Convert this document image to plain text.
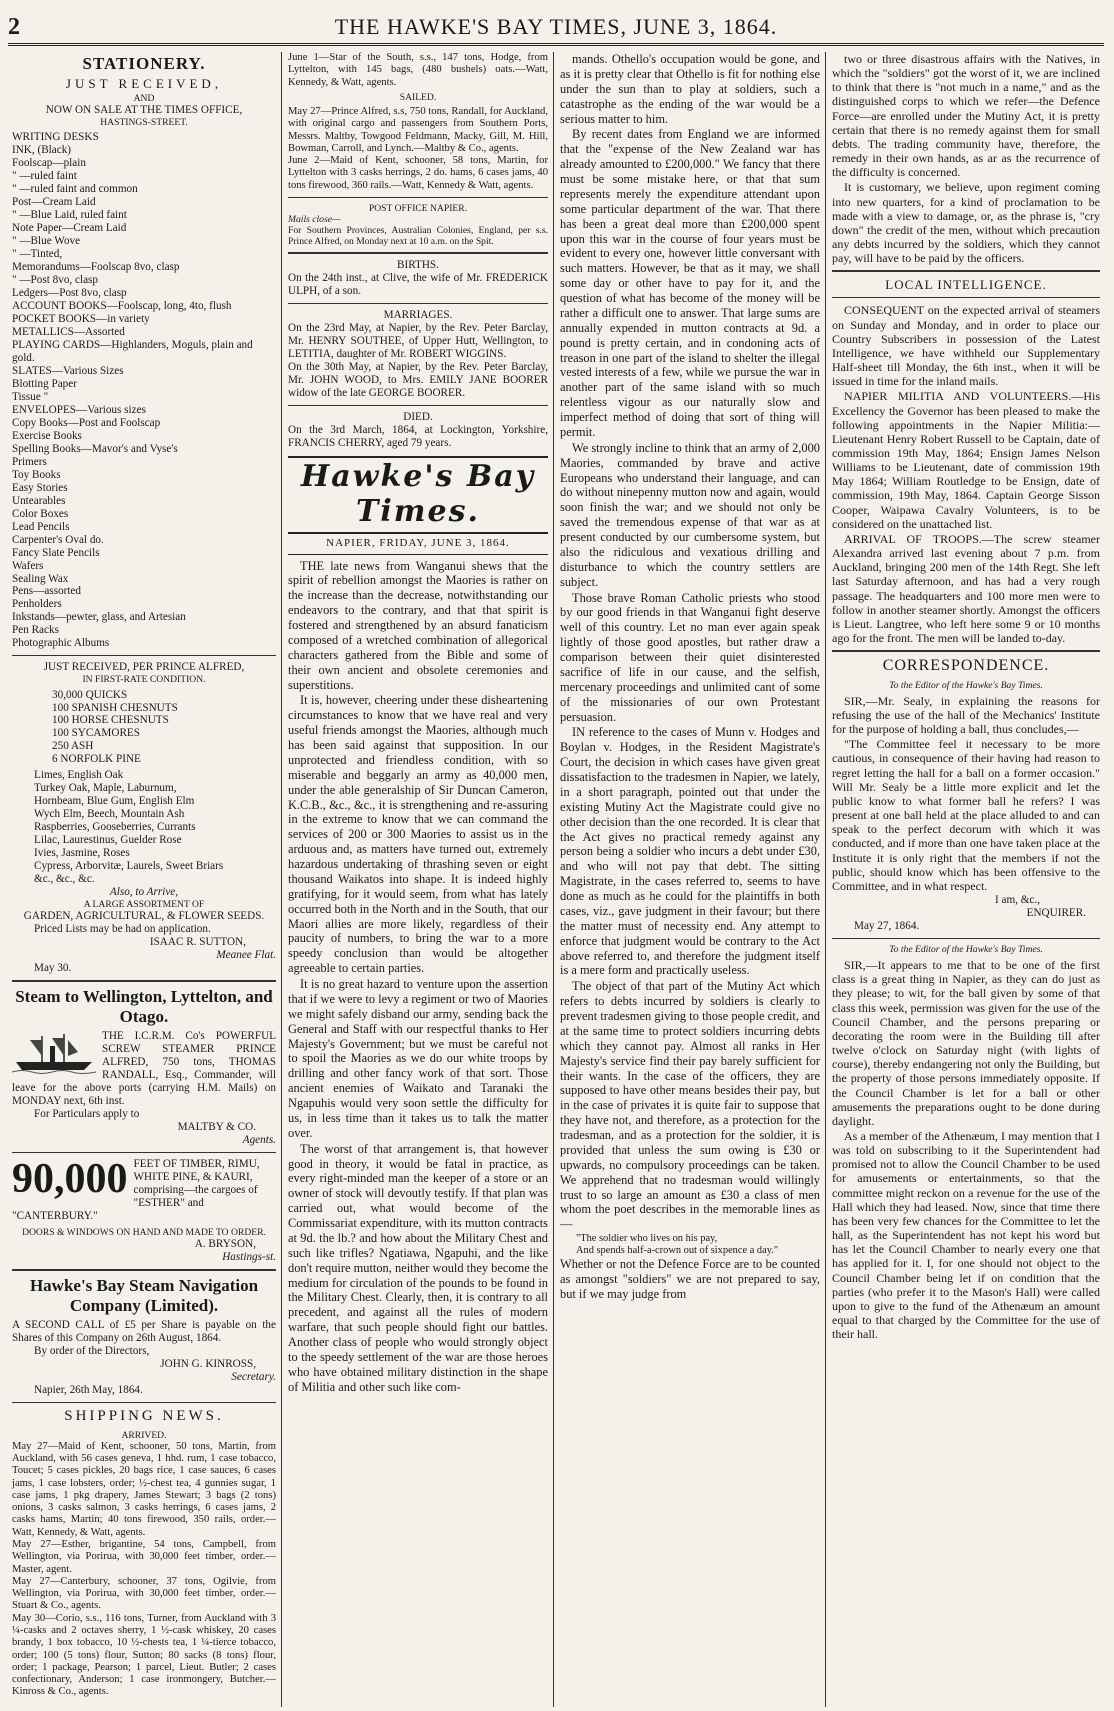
2	THE HAWKE'S BAY TIMES, JUNE 3, 1864.
STATIONERY.
JUST RECEIVED,
AND
NOW ON SALE AT THE TIMES OFFICE,
HASTINGS-STREET.
WRITING DESKS
INK, (Black)
Foolscap—plain
" —ruled faint
" —ruled faint and common
Post—Cream Laid
" —Blue Laid, ruled faint
Note Paper—Cream Laid
" —Blue Wove
" —Tinted,
Memorandums—Foolscap 8vo, clasp
" —Post 8vo, clasp
Ledgers—Post 8vo, clasp
ACCOUNT BOOKS—Foolscap, long, 4to, flush
POCKET BOOKS—in variety
METALLICS—Assorted
PLAYING CARDS—Highlanders, Moguls, plain and gold.
SLATES—Various Sizes
Blotting Paper
Tissue "
ENVELOPES—Various sizes
Copy Books—Post and Foolscap
Exercise Books
Spelling Books—Mavor's and Vyse's
Primers
Toy Books
Easy Stories
Untearables
Color Boxes
Lead Pencils
Carpenter's Oval do.
Fancy Slate Pencils
Wafers
Sealing Wax
Pens—assorted
Penholders
Inkstands—pewter, glass, and Artesian
Pen Racks
Photographic Albums
JUST RECEIVED, PER PRINCE ALFRED,
IN FIRST-RATE CONDITION.
30,000 QUICKS
100 SPANISH CHESNUTS
100 HORSE CHESNUTS
100 SYCAMORES
250 ASH
6 NORFOLK PINE
Limes, English Oak
Turkey Oak, Maple, Laburnum,
Hornbeam, Blue Gum, English Elm
Wych Elm, Beech, Mountain Ash
Raspberries, Gooseberries, Currants
Lilac, Laurestinus, Guelder Rose
Ivies, Jasmine, Roses
Cypress, Arborvitæ, Laurels, Sweet Briars
&c., &c., &c.
Also, to Arrive,
A LARGE ASSORTMENT OF
GARDEN, AGRICULTURAL, & FLOWER SEEDS.
Priced Lists may be had on application.
ISAAC R. SUTTON,
Meanee Flat.
May 30.
Steam to Wellington, Lyttelton, and Otago.
THE I.C.R.M. Co's POWERFUL SCREW STEAMER PRINCE ALFRED, 750 tons, THOMAS RANDALL, Esq., Commander, will leave for the above ports (carrying H.M. Mails) on MONDAY next, 6th inst.
For Particulars apply to
MALTBY & CO.
Agents.
90,000 FEET OF TIMBER, RIMU, WHITE PINE, & KAURI, comprising—the cargoes of "ESTHER" and "CANTERBURY."
DOORS & WINDOWS ON HAND AND MADE TO ORDER.
A. BRYSON,
Hastings-st.
Hawke's Bay Steam Navigation Company (Limited).
A SECOND CALL of £5 per Share is payable on the Shares of this Company on 26th August, 1864.
By order of the Directors,
JOHN G. KINROSS,
Secretary.
Napier, 26th May, 1864.
SHIPPING NEWS.
ARRIVED.
May 27—Maid of Kent, schooner, 50 tons, Martin, from Auckland, with 56 cases geneva, 1 hhd. rum, 1 case tobacco, Toucet; 5 cases pickles, 20 bags rice, 1 case sauces, 6 cases jams, 1 case lobsters, order; ½-chest tea, 4 gunnies sugar, 1 case jams, 1 pkg drapery, James Stewart; 3 bags (2 tons) onions, 3 casks salmon, 3 casks herrings, 6 cases jams, 2 casks hams, Martin; 40 tons firewood, 350 rails, order.—Watt, Kennedy, & Watt, agents.
May 27—Esther, brigantine, 54 tons, Campbell, from Wellington, via Porirua, with 30,000 feet timber, order.—Master, agent.
May 27—Canterbury, schooner, 37 tons, Ogilvie, from Wellington, via Porirua, with 30,000 feet timber, order.—Stuart & Co., agents.
May 30—Corio, s.s., 116 tons, Turner, from Auckland with 3 ¼-casks and 2 octaves sherry, 1 ½-cask whiskey, 20 cases brandy, 1 box tobacco, 10 ½-chests tea, 1 ¼-tierce tobacco, order; 100 (5 tons) flour, Sutton; 80 sacks (8 tons) flour, order; 1 package, Pearson; 1 parcel, Lieut. Butler; 2 cases confectionary, Anderson; 1 case ironmongery, Butcher.—Kinross & Co., agents.
June 1—Star of the South, s.s., 147 tons, Hodge, from Lyttelton, with 145 bags, (480 bushels) oats.—Watt, Kennedy, & Watt, agents.
SAILED.
May 27—Prince Alfred, s.s, 750 tons, Randall, for Auckland, with original cargo and passengers from Southern Ports, Messrs. Maltby, Towgood Feldmann, Macky, Gill, M. Hill, Bowman, Carroll, and Lynch.—Maltby & Co., agents.
June 2—Maid of Kent, schooner, 58 tons, Martin, for Lyttelton with 3 casks herrings, 2 do. hams, 6 cases jams, 40 tons firewood, 360 rails.—Watt, Kennedy & Watt, agents.
POST OFFICE NAPIER.
Mails close—
For Southern Provinces, Australian Colonies, England, per s.s. Prince Alfred, on Monday next at 10 a.m. on the Spit.
BIRTHS.
On the 24th inst., at Clive, the wife of Mr. FREDERICK ULPH, of a son.
MARRIAGES.
On the 23rd May, at Napier, by the Rev. Peter Barclay, Mr. HENRY SOUTHEE, of Upper Hutt, Wellington, to LETITIA, daughter of Mr. ROBERT WIGGINS.
On the 30th May, at Napier, by the Rev. Peter Barclay, Mr. JOHN WOOD, to Mrs. EMILY JANE BOORER widow of the late GEORGE BOORER.
DIED.
On the 3rd March, 1864, at Lockington, Yorkshire, FRANCIS CHERRY, aged 79 years.
Hawke's Bay Times.
NAPIER, FRIDAY, JUNE 3, 1864.
THE late news from Wanganui shews that the spirit of rebellion amongst the Maories is rather on the increase than the decrease, notwithstanding our endeavors to the contrary, and that that spirit is fostered and strengthened by an absurd fanaticism composed of a wretched combination of allegorical characters gathered from the Bible and some of their own ancient and obsolete ceremonies and superstitions.
It is, however, cheering under these disheartening circumstances to know that we have real and very useful friends amongst the Maories, although much has been said against that supposition. In our unprotected and friendless condition, with so miserable and beggarly an army as 40,000 men, under the able generalship of Sir Duncan Cameron, K.C.B., &c., &c., it is strengthening and re-assuring in the extreme to know that we can command the services of 200 or 300 Maories to assist us in the arduous and, as matters have turned out, extremely hazardous undertaking of thrashing seven or eight thousand Waikatos into shape. It is indeed highly gratifying, for it would seem, from what has lately occurred both in the North and in the South, that our Maori allies are more likely, regardless of their paucity of numbers, to bring the war to a more speedy conclusion than would be altogether agreeable to certain parties.
It is no great hazard to venture upon the assertion that if we were to levy a regiment or two of Maories we might safely disband our army, sending back the General and Staff with our respectful thanks to Her Majesty's Government; but we must be careful not to spoil the Maories as we do our white troops by drilling and other fancy work of that sort. Those ancient enemies of Waikato and Taranaki the Ngapuhis would very soon settle the difficulty for us, in less time than it takes us to talk the matter over.
The worst of that arrangement is, that however good in theory, it would be fatal in practice, as every right-minded man the keeper of a store or an owner of stock will devoutly testify. If that plan was carried out, what would become of the Commissariat expenditure, with its mutton contracts at 9d. the lb.? and how about the Military Chest and such like trifles? Ngatiawa, Ngapuhi, and the like don't require mutton, neither would they become the medium for circulation of the pounds to be found in the Military Chest. Clearly, then, it is contrary to all precedent, and against all the rules of modern warfare, that such people should fight our battles. Another class of people who would strongly object to the speedy settlement of the war are those heroes who have obtained military distinction in the shape of Militia and other such like com-
mands. Othello's occupation would be gone, and as it is pretty clear that Othello is fit for nothing else under the sun than to play at soldiers, such a catastrophe as the ending of the war would be a serious matter to him.
By recent dates from England we are informed that the "expense of the New Zealand war has already amounted to £200,000." We fancy that there must be some mistake here, or that that sum represents merely the expenditure attendant upon some particular department of the war. That there has been a great deal more than £200,000 spent upon this war in the course of four years must be evident to every one, however little conversant with such matters. However, be that as it may, we shall some day or other have to pay for it, and the question of what has become of the money will be rather a difficult one to answer. That large sums are annually expended in mutton contracts at 9d. a pound is pretty certain, and in condoning acts of treason in one part of the island to shelter the illegal vested interests of a few, while we pursue the war in another part of the same island with so much relentless vigour as our naturally slow and imperfect method of doing that sort of thing will permit.
We strongly incline to think that an army of 2,000 Maories, commanded by brave and active Europeans who understand their language, and can do without ninepenny mutton now and again, would soon finish the war; and we should not only be saved the tremendous expense of that war as at present conducted by our cumbersome system, but also the ridiculous and vexatious drilling and disturbance to which the country settlers are subject.
Those brave Roman Catholic priests who stood by our good friends in that Wanganui fight deserve well of this country. Let no man ever again speak lightly of those good apostles, but rather draw a comparison between their quiet disinterested sacrifice of life in our cause, and the selfish, mercenary proceedings and unlimited cant of some of the missionaries of our own Protestant persuasion.
IN reference to the cases of Munn v. Hodges and Boylan v. Hodges, in the Resident Magistrate's Court, the decision in which cases have given great dissatisfaction to the tradesmen in Napier, we lately, in a short paragraph, pointed out that under the existing Mutiny Act the Magistrate could give no other decision than the one recorded. It is clear that the Act gives no practical remedy against any person being a soldier who incurs a debt under £30, and who will not pay that debt. The sitting Magistrate, in the cases referred to, seems to have done as much as he could for the plaintiffs in both cases, viz., gave judgment in their favour; but there the matter must of necessity end. Any attempt to enforce that judgment would be contrary to the Act above referred to, and therefore the judgment itself is a mere form and practically useless.
The object of that part of the Mutiny Act which refers to debts incurred by soldiers is clearly to prevent tradesmen giving to those people credit, and at the same time to protect soldiers incurring debts which they cannot pay. Almost all ranks in Her Majesty's service find their pay barely sufficient for their wants. In the case of the officers, they are supposed to have other means besides their pay, but in the case of privates it is quite fair to suppose that they have not, and therefore, as a protection for the tradesman, and as a protection for the soldier, it is provided that unless the sum owing is £30 or upwards, no compulsory proceedings can be taken. We apprehend that no tradesman would willingly trust to so large an amount as £30 a class of men whom the poet describes in the memorable lines as—
"The soldier who lives on his pay,
And spends half-a-crown out of sixpence a day."
Whether or not the Defence Force are to be counted as amongst "soldiers" we are not prepared to say, but if we may judge from
two or three disastrous affairs with the Natives, in which the "soldiers" got the worst of it, we are inclined to think that there is "not much in a name," and as the distinguished corps to which we refer—the Defence Force—are enrolled under the Mutiny Act, it is pretty certain that there is no remedy against them for small debts. The trading community have, therefore, the remedy in their own hands, as ar as the recurrence of the difficulty is concerned.
It is customary, we believe, upon regiment coming into new quarters, for a kind of proclamation to be made with a view to damage, or, as the phrase is, "cry down" the credit of the men, without which precaution any debts incurred by the soldiers, which they cannot pay, will have to be paid by the officers.
LOCAL INTELLIGENCE.
CONSEQUENT on the expected arrival of steamers on Sunday and Monday, and in order to place our Country Subscribers in possession of the Latest Intelligence, we have withheld our Supplementary Half-sheet till Monday, the 6th inst., when it will be issued in time for the inland mails.
NAPIER MILITIA AND VOLUNTEERS.—His Excellency the Governor has been pleased to make the following appointments in the Napier Militia:—Lieutenant Henry Robert Russell to be Captain, date of commission 19th May, 1864; Ensign James Nelson Williams to be Lieutenant, date of commission 19th May 1864; William Routledge to be Ensign, date of commission, 19th May, 1864. Captain George Sisson Cooper, Waipawa Cavalry Volunteers, is to be considered on the unattached list.
ARRIVAL OF TROOPS.—The screw steamer Alexandra arrived last evening about 7 p.m. from Auckland, bringing 200 men of the 14th Regt. She left last Saturday afternoon, and has had a very rough passage. The headquarters and 100 more men were to follow in another steamer shortly. Amongst the officers is Lieut. Langtree, who left here some 9 or 10 months ago for the front. The men will be landed to-day.
CORRESPONDENCE.
To the Editor of the Hawke's Bay Times.
SIR,—Mr. Sealy, in explaining the reasons for refusing the use of the hall of the Mechanics' Institute for the purpose of holding a ball, thus concludes,—
"The Committee feel it necessary to be more cautious, in consequence of their having had reason to regret letting the hall for a ball on a former occasion." Will Mr. Sealy be a little more explicit and let the public know to what former ball he refers? I was present at one ball held at the place alluded to and can speak to the perfect decorum with which it was conducted, and if more than one have taken place at the Institute it is only right that the members if not the public, should know which has been offensive to the Committee, and in what respect.
I am, &c.,
ENQUIRER.
May 27, 1864.
To the Editor of the Hawke's Bay Times.
SIR,—It appears to me that to be one of the first class is a great thing in Napier, as they can do just as they please; to wit, for the ball given by some of that class this week, permission was given for the use of the Council Chamber, and the persons preparing or decorating the room were in the Building till after twelve o'clock on Saturday night (with lights of course), thereby endangering not only the Building, but the property of those persons immediately opposite. If the Council Chamber is let for a ball or other amusements the preparations ought to be done during daylight.
As a member of the Athenæum, I may mention that I was told on subscribing to it the Superintendent had promised not to allow the Council Chamber to be used for amusements or entertainments, so that the committee might reckon on a revenue for the use of the Hall which they had leased. Now, since that time there has been very few chances for the Committee to let the hall, as the Superintendent has not kept his word but has let the Council Chamber to nearly every one that has applied for it. I, for one should not object to the Council Chamber being let if on condition that the parties (who prefer it to the Mason's Hall) were called upon to give to the fund of the Athenæum an amount equal to that charged by the Committee for the use of their hall.
